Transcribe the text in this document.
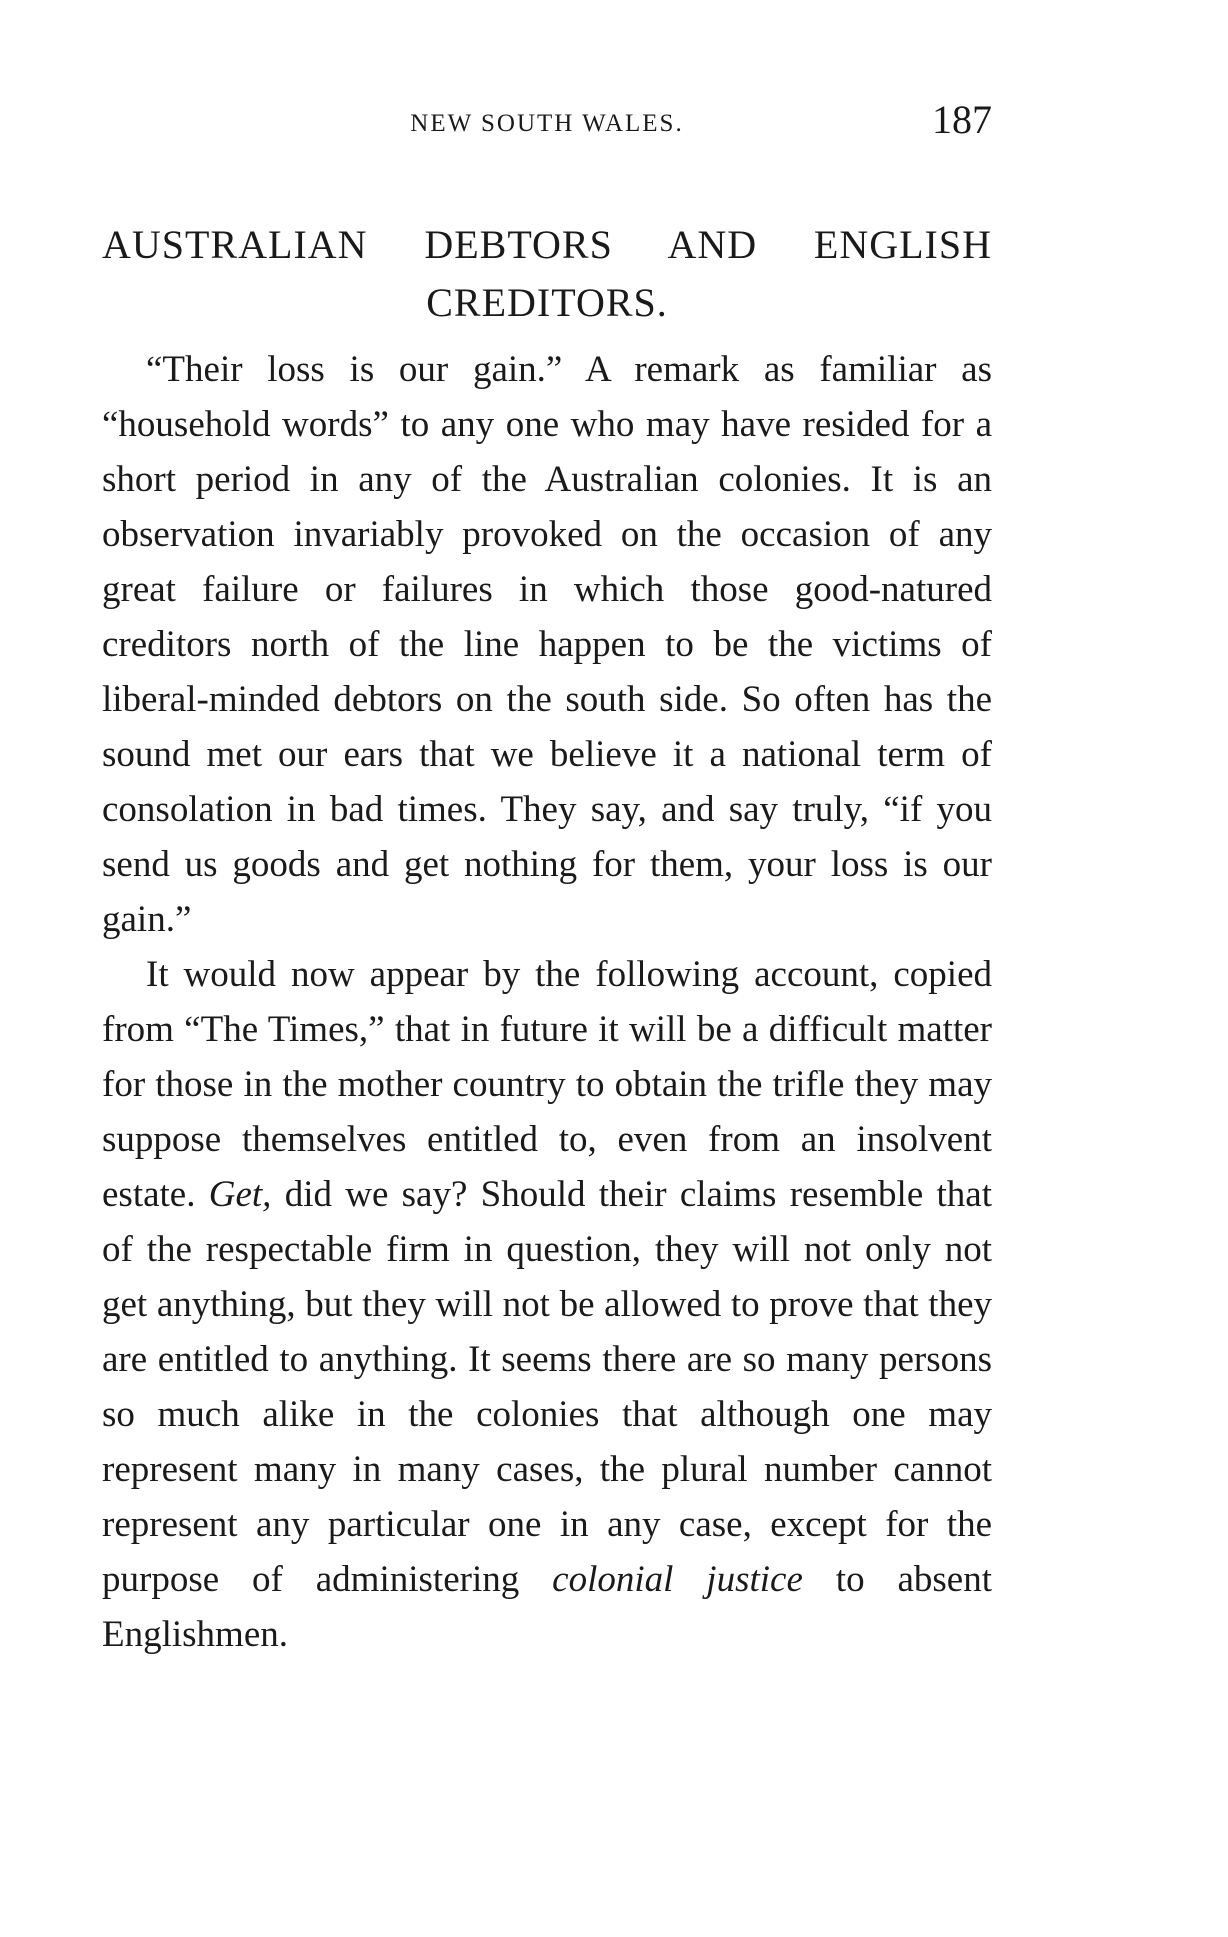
NEW SOUTH WALES.	187
AUSTRALIAN DEBTORS AND ENGLISH
CREDITORS.

“Their loss is our gain.” A remark as familiar as “household words” to any one who may have resided for a short period in any of the Australian colonies. It is an observation invariably provoked on the occasion of any great failure or failures in which those good-natured creditors north of the line happen to be the victims of liberal-minded debtors on the south side. So often has the sound met our ears that we believe it a national term of consolation in bad times. They say, and say truly, “if you send us goods and get nothing for them, your loss is our gain.”

It would now appear by the following account, copied from “The Times,” that in future it will be a difficult matter for those in the mother country to obtain the trifle they may suppose themselves entitled to, even from an insolvent estate. Get, did we say? Should their claims resemble that of the respectable firm in question, they will not only not get anything, but they will not be allowed to prove that they are entitled to anything. It seems there are so many persons so much alike in the colonies that although one may represent many in many cases, the plural number cannot represent any particular one in any case, except for the purpose of administering colonial justice to absent Englishmen.
